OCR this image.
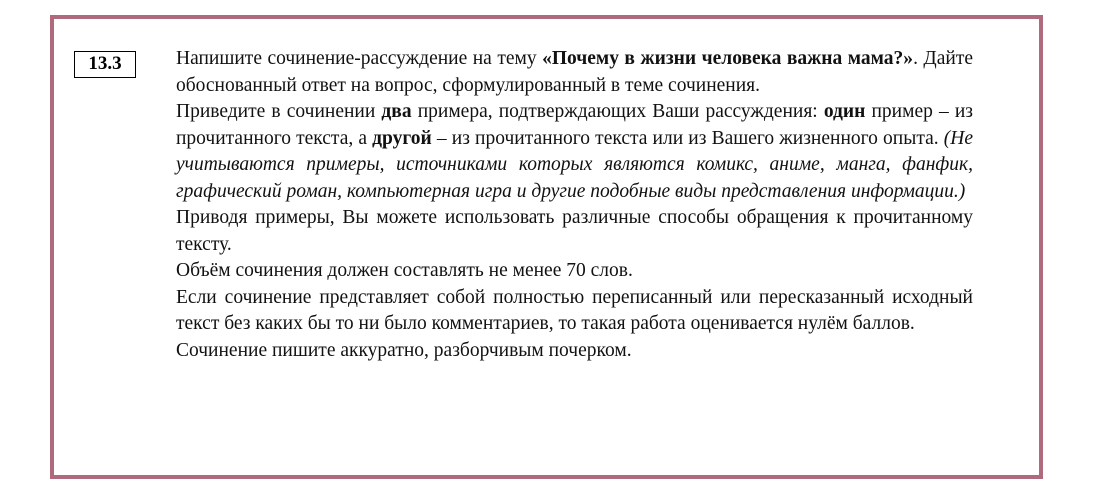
13.3	Напишите сочинение-рассуждение на тему «Почему в жизни человека важна мама?». Дайте обоснованный ответ на вопрос, сформулированный в теме сочинения.

Приведите в сочинении два примера, подтверждающих Ваши рассуждения: один пример – из прочитанного текста, а другой – из прочитанного текста или из Вашего жизненного опыта. (Не учитываются примеры, источниками которых являются комикс, аниме, манга, фанфик, графический роман, компьютерная игра и другие подобные виды представления информации.)

Приводя примеры, Вы можете использовать различные способы обращения к прочитанному тексту.

Объём сочинения должен составлять не менее 70 слов.

Если сочинение представляет собой полностью переписанный или пересказанный исходный текст без каких бы то ни было комментариев, то такая работа оценивается нулём баллов.

Сочинение пишите аккуратно, разборчивым почерком.
